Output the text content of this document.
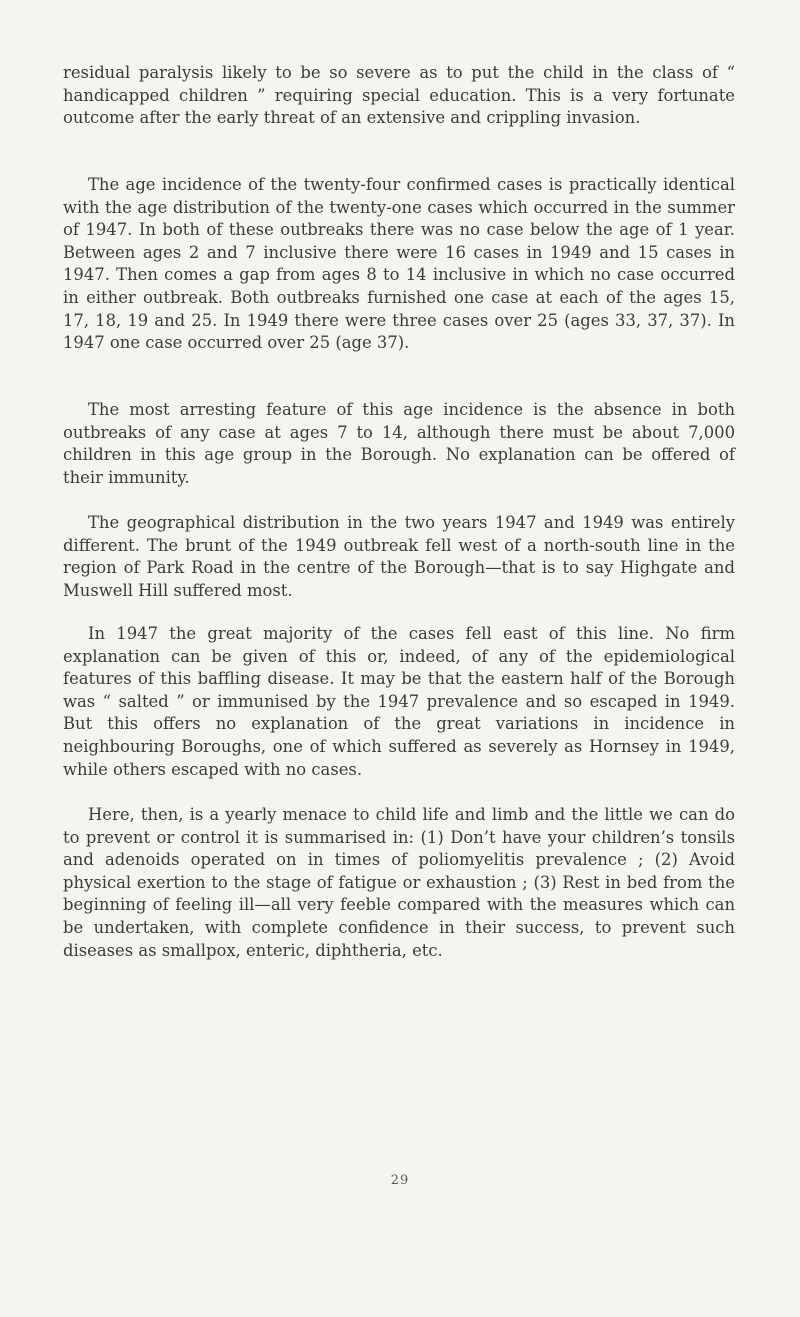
residual paralysis likely to be so severe as to put the child in the class of “ handicapped children ” requiring special education. This is a very fortunate outcome after the early threat of an extensive and crippling invasion.

The age incidence of the twenty-four confirmed cases is practically identical with the age distribution of the twenty-one cases which occurred in the summer of 1947. In both of these outbreaks there was no case below the age of 1 year. Between ages 2 and 7 inclusive there were 16 cases in 1949 and 15 cases in 1947. Then comes a gap from ages 8 to 14 inclusive in which no case occurred in either outbreak. Both outbreaks furnished one case at each of the ages 15, 17, 18, 19 and 25. In 1949 there were three cases over 25 (ages 33, 37, 37). In 1947 one case occurred over 25 (age 37).

The most arresting feature of this age incidence is the absence in both outbreaks of any case at ages 7 to 14, although there must be about 7,000 children in this age group in the Borough. No explanation can be offered of their immunity.

The geographical distribution in the two years 1947 and 1949 was entirely different. The brunt of the 1949 outbreak fell west of a north-south line in the region of Park Road in the centre of the Borough—that is to say Highgate and Muswell Hill suffered most.

In 1947 the great majority of the cases fell east of this line. No firm explanation can be given of this or, indeed, of any of the epidemiological features of this baffling disease. It may be that the eastern half of the Borough was “ salted ” or immunised by the 1947 prevalence and so escaped in 1949. But this offers no explanation of the great variations in incidence in neighbouring Boroughs, one of which suffered as severely as Hornsey in 1949, while others escaped with no cases.

Here, then, is a yearly menace to child life and limb and the little we can do to prevent or control it is summarised in: (1) Don’t have your children’s tonsils and adenoids operated on in times of poliomyelitis prevalence ; (2) Avoid physical exertion to the stage of fatigue or exhaustion ; (3) Rest in bed from the beginning of feeling ill—all very feeble compared with the measures which can be undertaken, with complete confidence in their success, to prevent such diseases as smallpox, enteric, diphtheria, etc.

29
